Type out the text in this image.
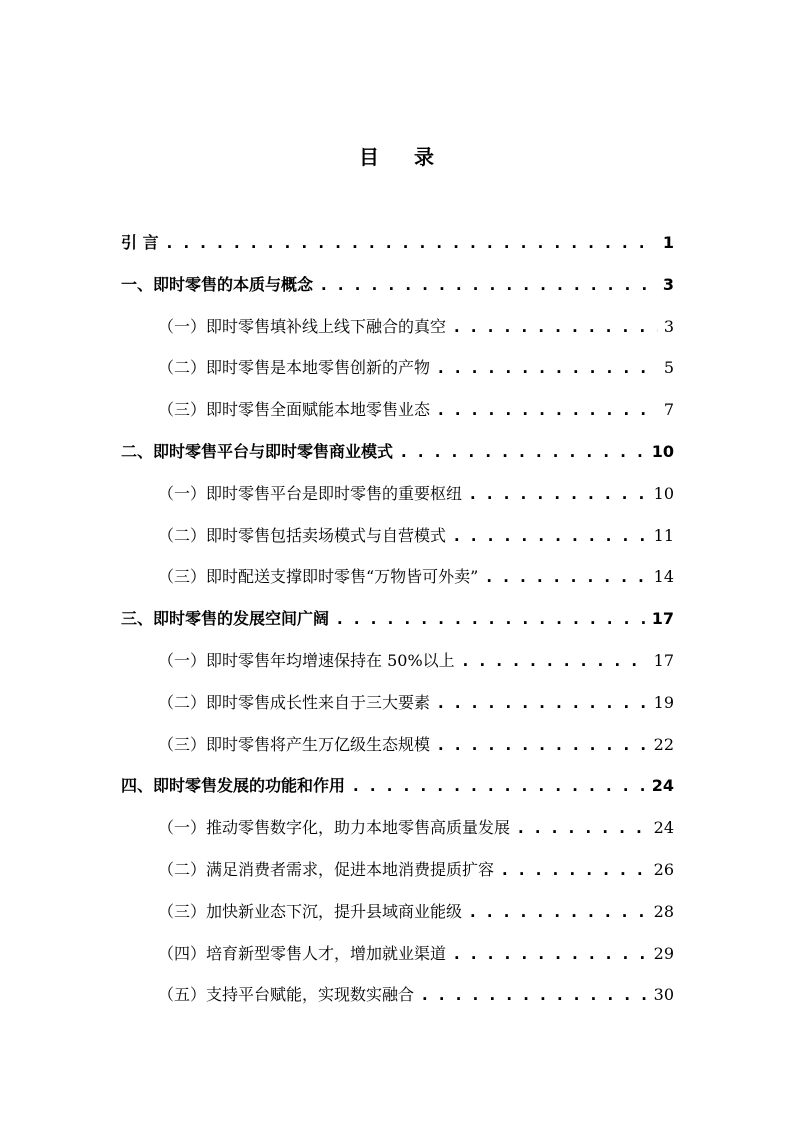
目 录
引 言 . . .	1
一、即时零售的本质与概念 . . .	3
（一）即时零售填补线上线下融合的真空 . . .	3
（二）即时零售是本地零售创新的产物 . . .	5
（三）即时零售全面赋能本地零售业态 . . .	7
二、即时零售平台与即时零售商业模式 . . .	10
（一）即时零售平台是即时零售的重要枢纽 . . .	10
（二）即时零售包括卖场模式与自营模式 . . .	11
（三）即时配送支撑即时零售“万物皆可外卖” . . .	14
三、即时零售的发展空间广阔 . . .	17
（一）即时零售年均增速保持在 50%以上 . . .	17
（二）即时零售成长性来自于三大要素 . . .	19
（三）即时零售将产生万亿级生态规模 . . .	22
四、即时零售发展的功能和作用 . . .	24
（一）推动零售数字化，助力本地零售高质量发展 . . .	24
（二）满足消费者需求，促进本地消费提质扩容 . . .	26
（三）加快新业态下沉，提升县域商业能级 . . .	28
（四）培育新型零售人才，增加就业渠道 . . .	29
（五）支持平台赋能，实现数实融合 . . .	30
